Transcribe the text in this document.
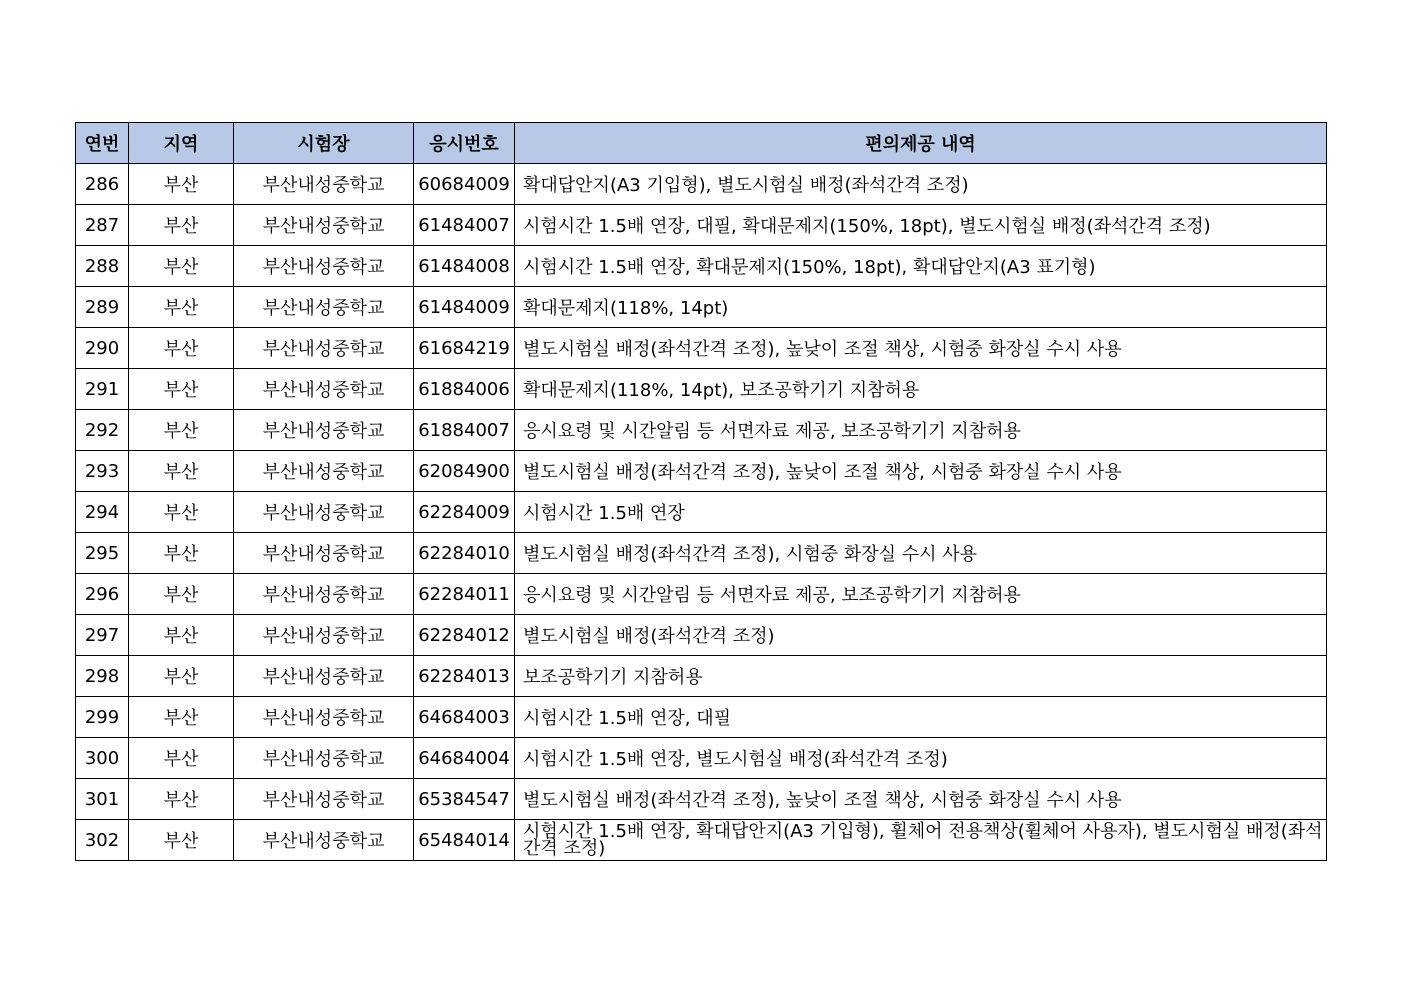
연번	지역	시험장	응시번호	편의제공 내역
286	부산	부산내성중학교	60684009	확대답안지(A3 기입형), 별도시험실 배정(좌석간격 조정)
287	부산	부산내성중학교	61484007	시험시간 1.5배 연장, 대필, 확대문제지(150%, 18pt), 별도시험실 배정(좌석간격 조정)
288	부산	부산내성중학교	61484008	시험시간 1.5배 연장, 확대문제지(150%, 18pt), 확대답안지(A3 표기형)
289	부산	부산내성중학교	61484009	확대문제지(118%, 14pt)
290	부산	부산내성중학교	61684219	별도시험실 배정(좌석간격 조정), 높낮이 조절 책상, 시험중 화장실 수시 사용
291	부산	부산내성중학교	61884006	확대문제지(118%, 14pt), 보조공학기기 지참허용
292	부산	부산내성중학교	61884007	응시요령 및 시간알림 등 서면자료 제공, 보조공학기기 지참허용
293	부산	부산내성중학교	62084900	별도시험실 배정(좌석간격 조정), 높낮이 조절 책상, 시험중 화장실 수시 사용
294	부산	부산내성중학교	62284009	시험시간 1.5배 연장
295	부산	부산내성중학교	62284010	별도시험실 배정(좌석간격 조정), 시험중 화장실 수시 사용
296	부산	부산내성중학교	62284011	응시요령 및 시간알림 등 서면자료 제공, 보조공학기기 지참허용
297	부산	부산내성중학교	62284012	별도시험실 배정(좌석간격 조정)
298	부산	부산내성중학교	62284013	보조공학기기 지참허용
299	부산	부산내성중학교	64684003	시험시간 1.5배 연장, 대필
300	부산	부산내성중학교	64684004	시험시간 1.5배 연장, 별도시험실 배정(좌석간격 조정)
301	부산	부산내성중학교	65384547	별도시험실 배정(좌석간격 조정), 높낮이 조절 책상, 시험중 화장실 수시 사용
302	부산	부산내성중학교	65484014	시험시간 1.5배 연장, 확대답안지(A3 기입형), 휠체어 전용책상(휠체어 사용자), 별도시험실 배정(좌석간격 조정)
